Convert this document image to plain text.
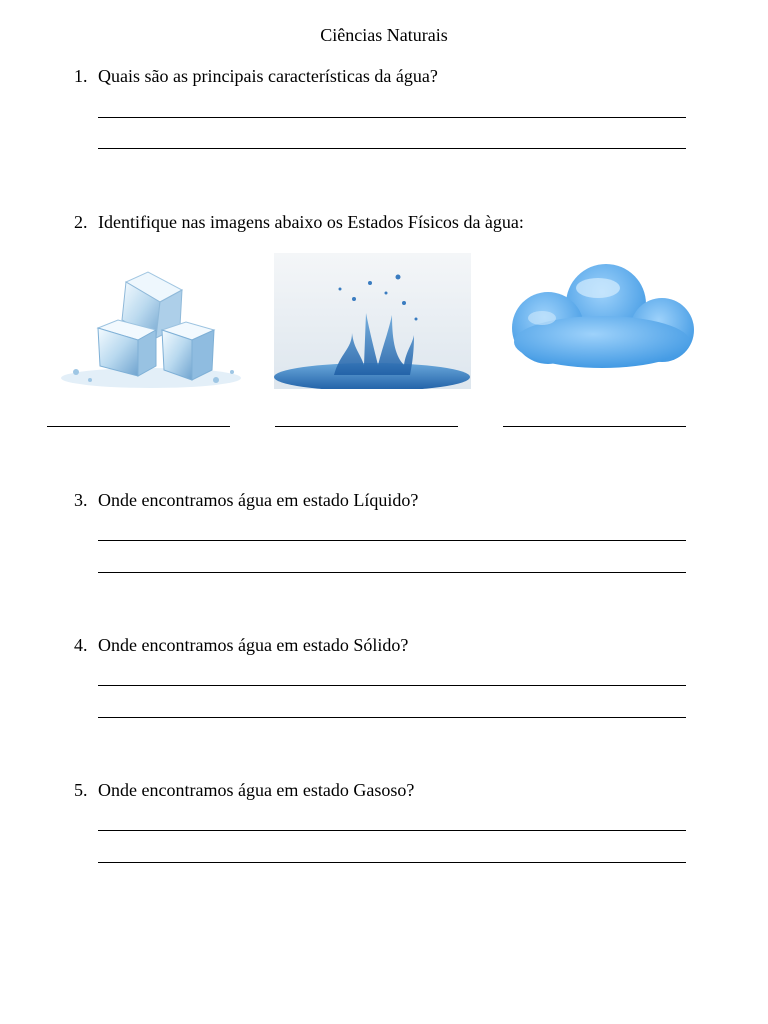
Ciências Naturais
1. Quais são as principais características da água?
2. Identifique nas imagens abaixo os Estados Físicos da àgua:
3. Onde encontramos água em estado Líquido?
4. Onde encontramos água em estado Sólido?
5. Onde encontramos água em estado Gasoso?
